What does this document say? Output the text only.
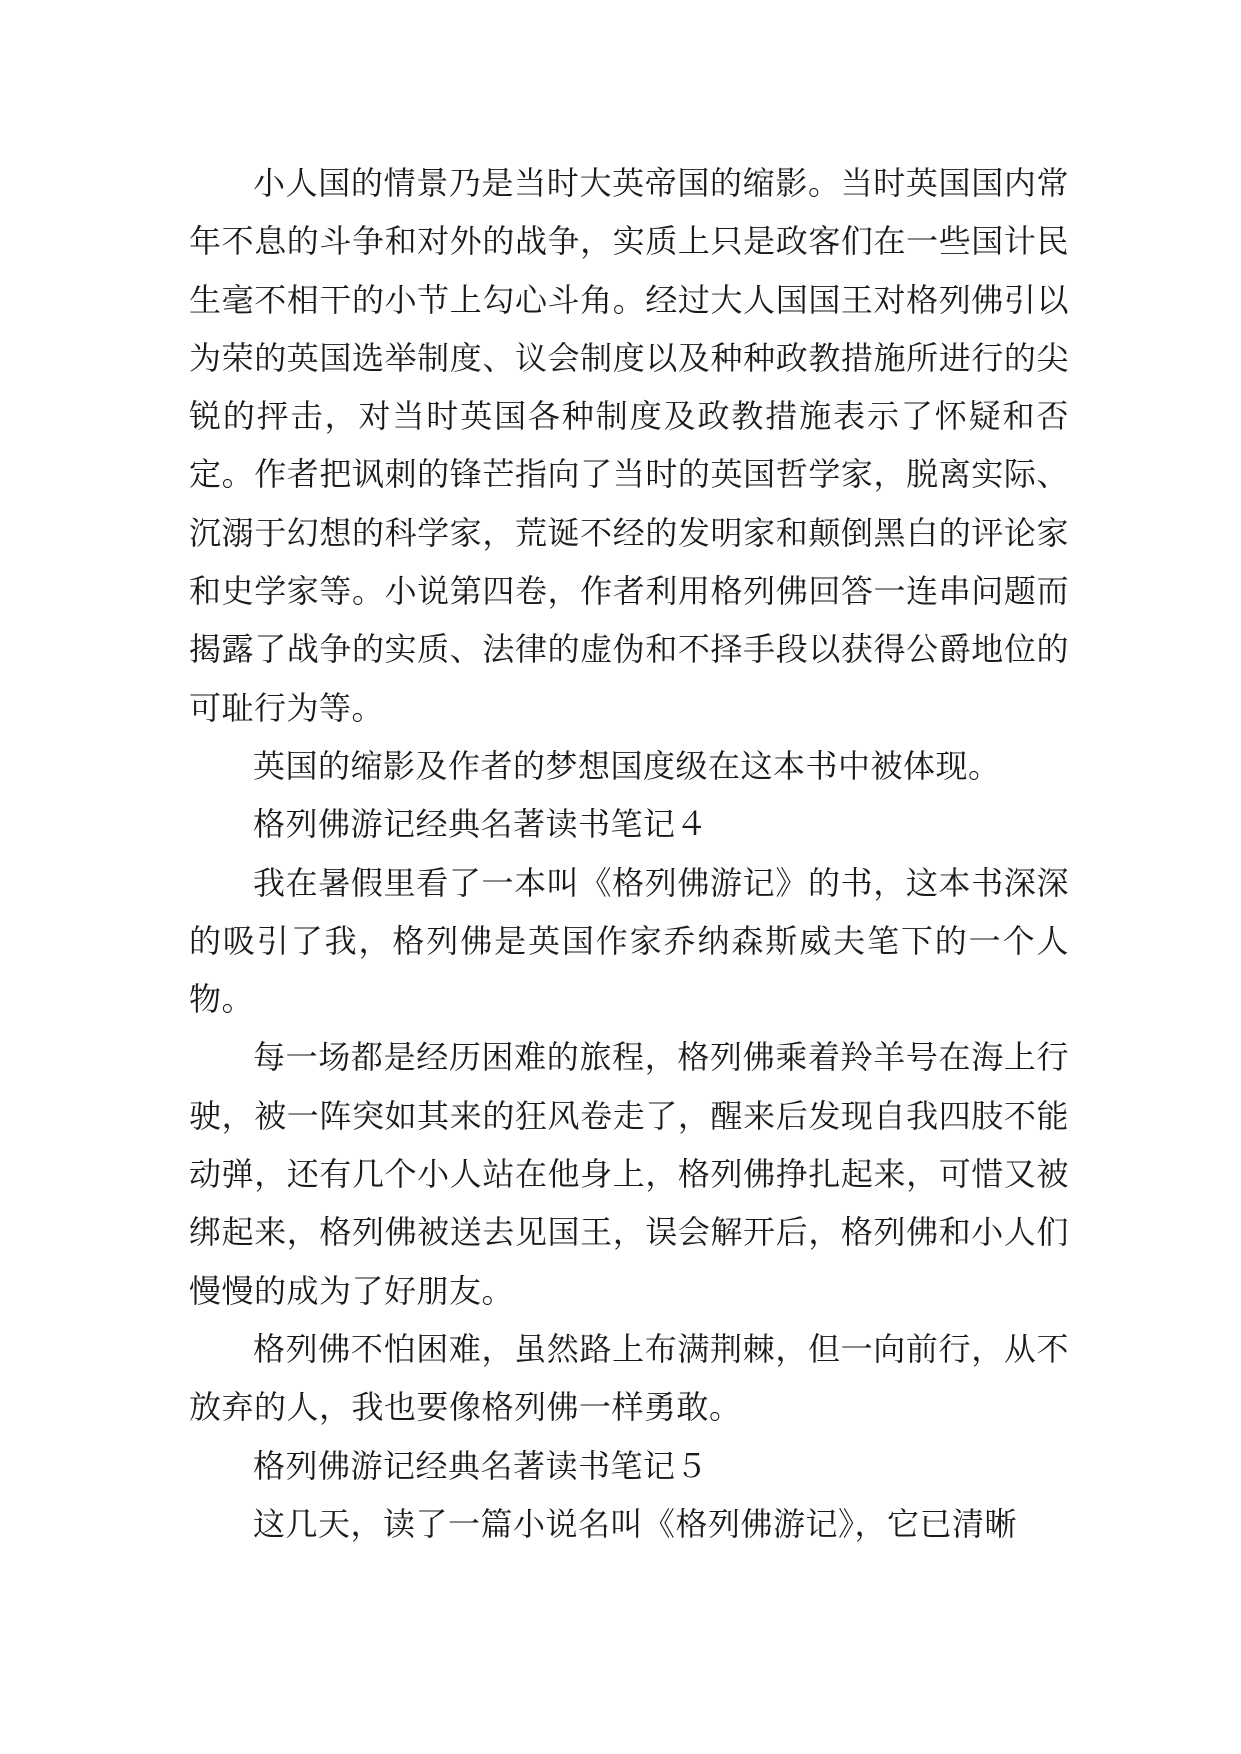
小人国的情景乃是当时大英帝国的缩影。当时英国国内常年不息的斗争和对外的战争，实质上只是政客们在一些国计民生毫不相干的小节上勾心斗角。经过大人国国王对格列佛引以为荣的英国选举制度、议会制度以及种种政教措施所进行的尖锐的抨击，对当时英国各种制度及政教措施表示了怀疑和否定。作者把讽刺的锋芒指向了当时的英国哲学家，脱离实际、沉溺于幻想的科学家，荒诞不经的发明家和颠倒黑白的评论家和史学家等。小说第四卷，作者利用格列佛回答一连串问题而揭露了战争的实质、法律的虚伪和不择手段以获得公爵地位的可耻行为等。

英国的缩影及作者的梦想国度级在这本书中被体现。

格列佛游记经典名著读书笔记４

我在暑假里看了一本叫《格列佛游记》的书，这本书深深的吸引了我，格列佛是英国作家乔纳森斯威夫笔下的一个人物。

每一场都是经历困难的旅程，格列佛乘着羚羊号在海上行驶，被一阵突如其来的狂风卷走了，醒来后发现自我四肢不能动弹，还有几个小人站在他身上，格列佛挣扎起来，可惜又被绑起来，格列佛被送去见国王，误会解开后，格列佛和小人们慢慢的成为了好朋友。

格列佛不怕困难，虽然路上布满荆棘，但一向前行，从不放弃的人，我也要像格列佛一样勇敢。

格列佛游记经典名著读书笔记５

这几天，读了一篇小说名叫《格列佛游记》，它已清晰
